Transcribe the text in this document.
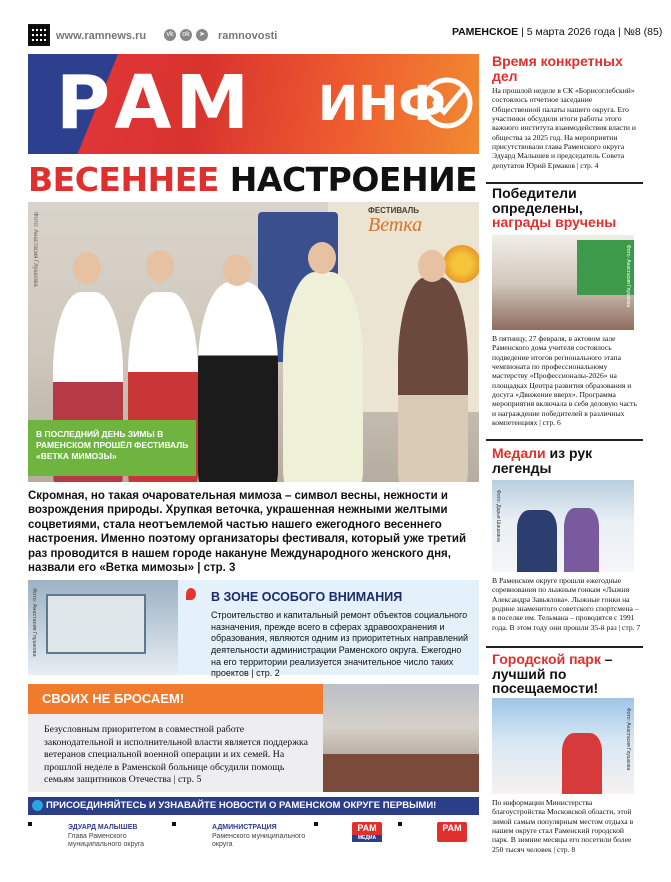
www.ramnews.ru	vk	ok	➤ ramnovosti	РАМЕНСКОЕ | 5 марта 2026 года | №8 (85)
РАМ ИНФ
ВЕСЕННЕЕ НАСТРОЕНИЕ
ФЕСТИВАЛЬ
Ветка
Фото: Анастасия Глушкова
В ПОСЛЕДНИЙ ДЕНЬ ЗИМЫ В РАМЕНСКОМ ПРОШЁЛ ФЕСТИВАЛЬ «ВЕТКА МИМОЗЫ»
Скромная, но такая очаровательная мимоза – символ весны, нежности и возрождения природы. Хрупкая веточка, украшенная нежными желтыми соцветиями, стала неотъемлемой частью нашего ежегодного весеннего настроения. Именно поэтому организаторы фестиваля, который уже третий раз проводится в нашем городе накануне Международного женского дня, назвали его «Ветка мимозы» | стр. 3
Фото: Анастасия Глушкова	В ЗОНЕ ОСОБОГО ВНИМАНИЯ
Строительство и капитальный ремонт объектов социального назначения, прежде всего в сферах здравоохранения и образования, являются одним из приоритетных направлений деятельности администрации Раменского округа. Ежегодно на его территории реализуется значительное число таких проектов | стр. 2
СВОИХ НЕ БРОСАЕМ!
Безусловным приоритетом в совместной работе законодательной и исполнительной власти является поддержка ветеранов специальной военной операции и их семей. На прошлой неделе в Раменской больнице обсудили помощь семьям защитников Отечества | стр. 5
ПРИСОЕДИНЯЙТЕСЬ И УЗНАВАЙТЕ НОВОСТИ О РАМЕНСКОМ ОКРУГЕ ПЕРВЫМИ!
ЭДУАРД МАЛЫШЕВ
Глава Раменского муниципального округа
АДМИНИСТРАЦИЯ
Раменского муниципального округа
РАМ
МЕДИА
РАМ
Время конкретных дел
На прошлой неделе в СК «Борисоглебский» состоялось отчетное заседание Общественной палаты нашего округа. Его участники обсудили итоги работы этого важного института взаимодействия власти и общества за 2025 год. На мероприятии присутствовали глава Раменского округа Эдуард Малышев и председатель Совета депутатов Юрий Ермаков | стр. 4
Победители определены, награды вручены
Фото: Анастасия Глушкова
В пятницу, 27 февраля, в актовом зале Раменского дома учителя состоялось подведение итогов регионального этапа чемпионата по профессиональному мастерству «Профессионалы-2026» на площадках Центра развития образования и досуга «Движение вверх». Программа мероприятия включала в себя деловую часть и награждение победителей в различных компетенциях | стр. 6
Медали из рук легенды
Фото: Дарья Шишкина
В Раменском округе прошли ежегодные соревнования по лыжным гонкам «Лыжня Александра Завьялова». Лыжные гонки на родине знаменитого советского спортсмена – в поселке им. Тельмана – проводятся с 1991 года. В этом году они прошли 35-й раз | стр. 7
Городской парк – лучший по посещаемости!
Фото: Анастасия Глушкова
По информации Министерства благоустройства Московской области, этой зимой самым популярным местом отдыха в нашем округе стал Раменский городской парк. В зимние месяцы его посетили более 250 тысяч человек | стр. 8
